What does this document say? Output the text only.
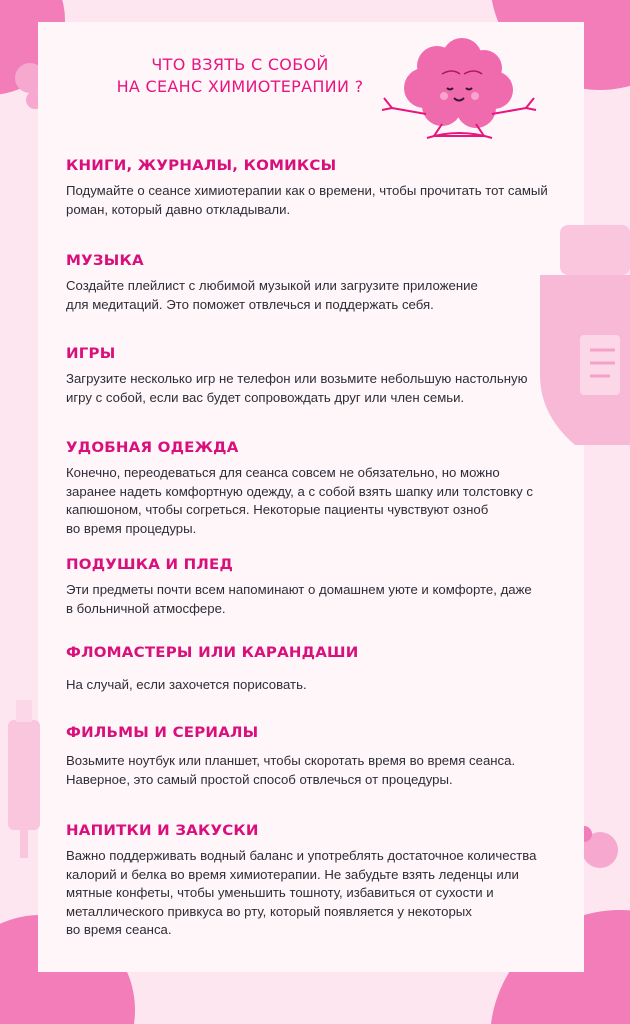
ЧТО ВЗЯТЬ С СОБОЙ
НА СЕАНС ХИМИОТЕРАПИИ ?
КНИГИ, ЖУРНАЛЫ, КОМИКСЫ
Подумайте о сеансе химиотерапии как о времени, чтобы прочитать тот самый
роман, который давно откладывали.
МУЗЫКА
Создайте плейлист с любимой музыкой или загрузите приложение
для медитаций. Это поможет отвлечься и поддержать себя.
ИГРЫ
Загрузите несколько игр не телефон или возьмите небольшую настольную
игру с собой, если вас будет сопровождать друг или член семьи.
УДОБНАЯ ОДЕЖДА
Конечно, переодеваться для сеанса совсем не обязательно, но можно
заранее надеть комфортную одежду, а с собой взять шапку или толстовку с
капюшоном, чтобы согреться. Некоторые пациенты чувствуют озноб
во время процедуры.
ПОДУШКА И ПЛЕД
Эти предметы почти всем напоминают о домашнем уюте и комфорте, даже
в больничной атмосфере.
ФЛОМАСТЕРЫ ИЛИ КАРАНДАШИ
На случай, если захочется порисовать.
ФИЛЬМЫ И СЕРИАЛЫ
Возьмите ноутбук или планшет, чтобы скоротать время во время сеанса.
Наверное, это самый простой способ отвлечься от процедуры.
НАПИТКИ И ЗАКУСКИ
Важно поддерживать водный баланс и употреблять достаточное количества
калорий и белка во время химиотерапии. Не забудьте взять леденцы или
мятные конфеты, чтобы уменьшить тошноту, избавиться от сухости и
металлического привкуса во рту, который появляется у некоторых
во время сеанса.
